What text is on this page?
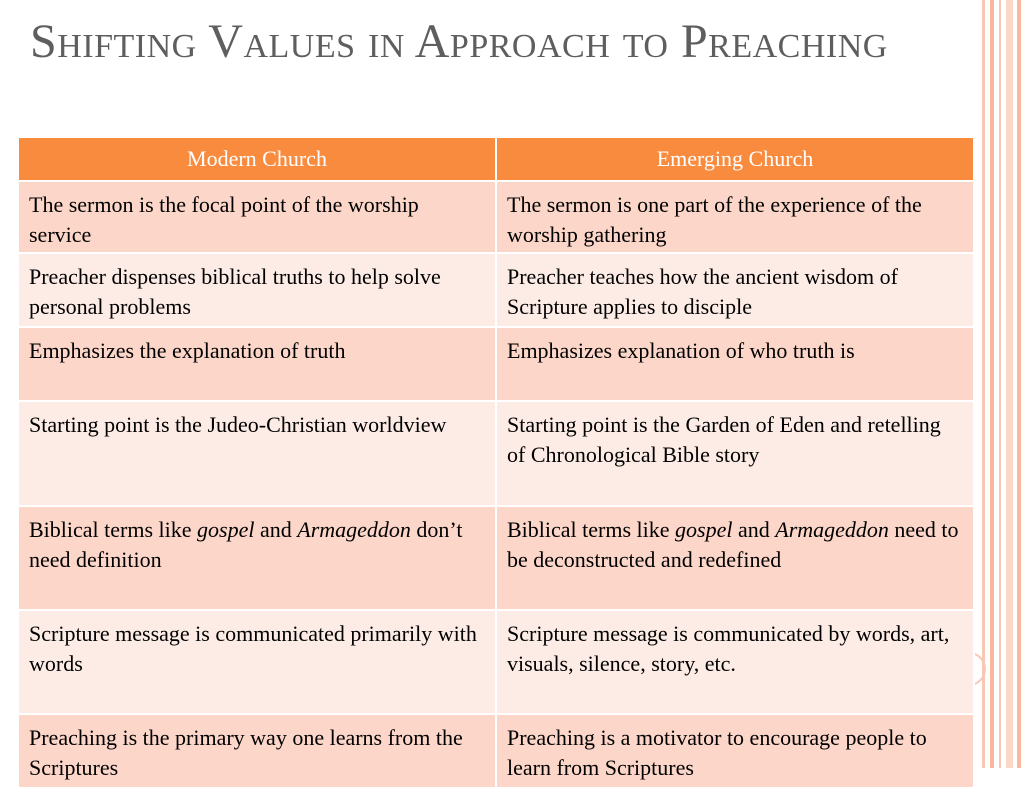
Shifting Values in Approach to Preaching
Modern Church	Emerging Church
The sermon is the focal point of the worship service	The sermon is one part of the experience of the worship gathering
Preacher dispenses biblical truths to help solve personal problems	Preacher teaches how the ancient wisdom of Scripture applies to disciple
Emphasizes the explanation of truth	Emphasizes explanation of who truth is
Starting point is the Judeo-Christian worldview	Starting point is the Garden of Eden and retelling of Chronological Bible story
Biblical terms like gospel and Armageddon don’t need definition	Biblical terms like gospel and Armageddon need to be deconstructed and redefined
Scripture message is communicated primarily with words	Scripture message is communicated by words, art, visuals, silence, story, etc.
Preaching is the primary way one learns from the Scriptures	Preaching is a motivator to encourage people to learn from Scriptures
